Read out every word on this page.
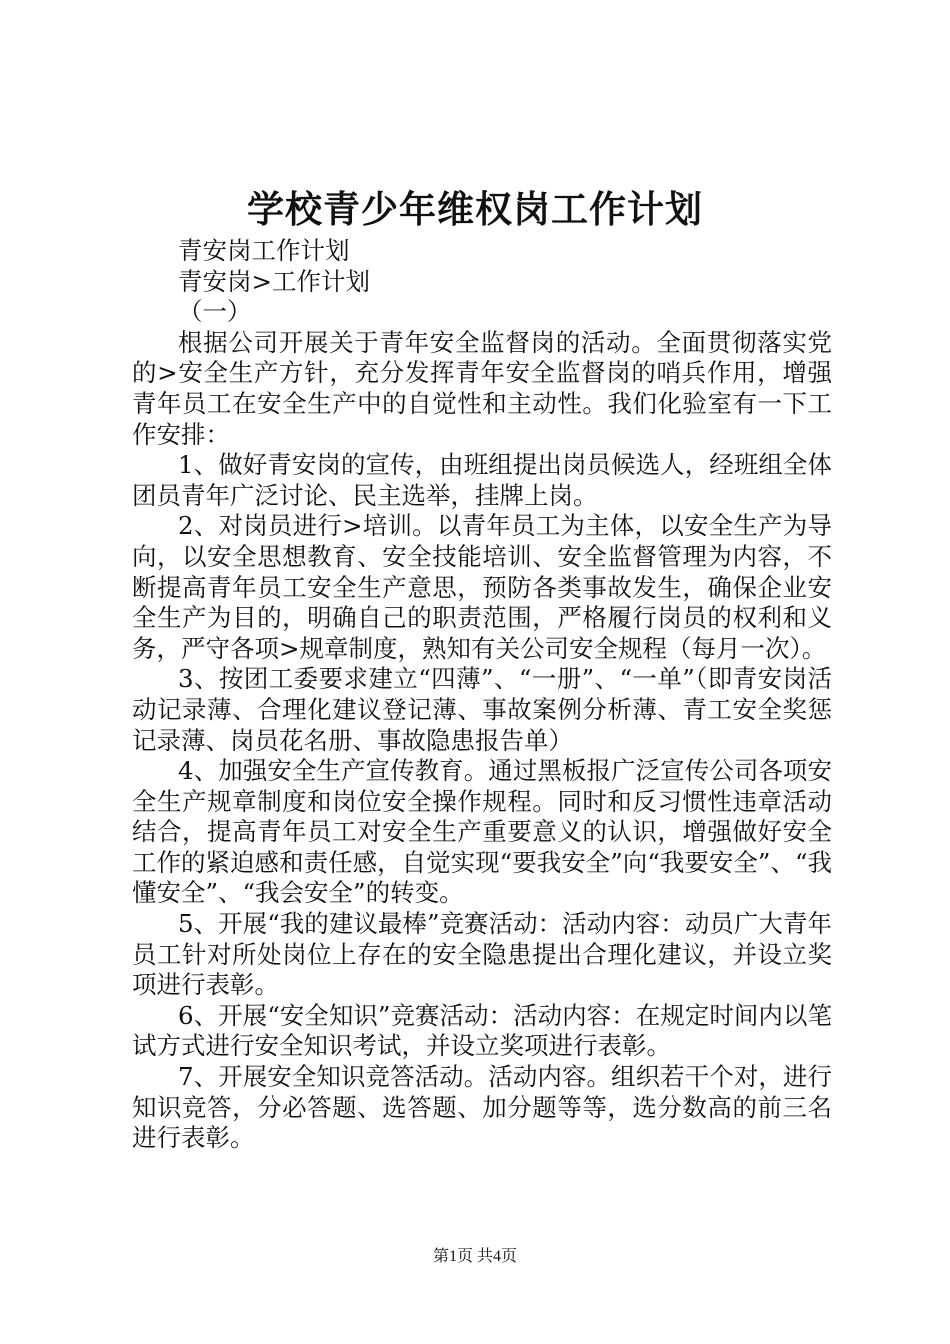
学校青少年维权岗工作计划

青安岗工作计划

青安岗>工作计划

（一）

根据公司开展关于青年安全监督岗的活动。全面贯彻落实党的>安全生产方针，充分发挥青年安全监督岗的哨兵作用，增强青年员工在安全生产中的自觉性和主动性。我们化验室有一下工作安排：

1、做好青安岗的宣传，由班组提出岗员候选人，经班组全体团员青年广泛讨论、民主选举，挂牌上岗。

2、对岗员进行>培训。以青年员工为主体，以安全生产为导向，以安全思想教育、安全技能培训、安全监督管理为内容，不断提高青年员工安全生产意思，预防各类事故发生，确保企业安全生产为目的，明确自己的职责范围，严格履行岗员的权利和义务，严守各项>规章制度，熟知有关公司安全规程（每月一次）。

3、按团工委要求建立“四薄”、“一册”、“一单”（即青安岗活动记录薄、合理化建议登记薄、事故案例分析薄、青工安全奖惩记录薄、岗员花名册、事故隐患报告单）

4、加强安全生产宣传教育。通过黑板报广泛宣传公司各项安全生产规章制度和岗位安全操作规程。同时和反习惯性违章活动结合，提高青年员工对安全生产重要意义的认识，增强做好安全工作的紧迫感和责任感，自觉实现“要我安全”向“我要安全”、“我懂安全”、“我会安全”的转变。

5、开展“我的建议最棒”竞赛活动：活动内容：动员广大青年员工针对所处岗位上存在的安全隐患提出合理化建议，并设立奖项进行表彰。

6、开展“安全知识”竞赛活动：活动内容：在规定时间内以笔试方式进行安全知识考试，并设立奖项进行表彰。

7、开展安全知识竞答活动。活动内容。组织若干个对，进行知识竞答，分必答题、选答题、加分题等等，选分数高的前三名进行表彰。

第1页 共4页
